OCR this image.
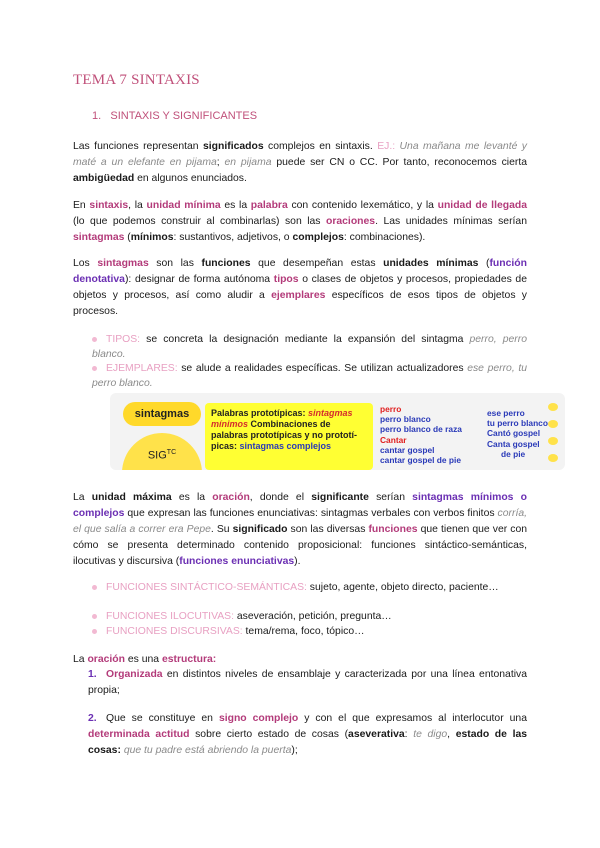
TEMA 7 SINTAXIS
1. SINTAXIS Y SIGNIFICANTES
Las funciones representan significados complejos en sintaxis. EJ.: Una mañana me levanté y maté a un elefante en pijama; en pijama puede ser CN o CC. Por tanto, reconocemos cierta ambigüedad en algunos enunciados.
En sintaxis, la unidad mínima es la palabra con contenido lexemático, y la unidad de llegada (lo que podemos construir al combinarlas) son las oraciones. Las unidades mínimas serían sintagmas (mínimos: sustantivos, adjetivos, o complejos: combinaciones).
Los sintagmas son las funciones que desempeñan estas unidades mínimas (función denotativa): designar de forma autónoma tipos o clases de objetos y procesos, propiedades de objetos y procesos, así como aludir a ejemplares específicos de esos tipos de objetos y procesos.
TIPOS: se concreta la designación mediante la expansión del sintagma perro, perro blanco.
EJEMPLARES: se alude a realidades específicas. Se utilizan actualizadores ese perro, tu perro blanco.
sintagmas
$SIG^{TC}$
Palabras prototípicas: sintagmas mínimos Combinaciones de palabras prototípicas y no prototí-picas: sintagmas complejos
perro
perro blanco
perro blanco de raza
Cantar
cantar gospel
cantar gospel de pie
ese perro
tu perro blanco
Cantó gospel
Canta gospel
de pie
La unidad máxima es la oración, donde el significante serían sintagmas mínimos o complejos que expresan las funciones enunciativas: sintagmas verbales con verbos finitos corría, el que salía a correr era Pepe. Su significado son las diversas funciones que tienen que ver con cómo se presenta determinado contenido proposicional: funciones sintáctico-semánticas, ilocutivas y discursiva (funciones enunciativas).
FUNCIONES SINTÁCTICO-SEMÁNTICAS: sujeto, agente, objeto directo, paciente…
FUNCIONES ILOCUTIVAS: aseveración, petición, pregunta…
FUNCIONES DISCURSIVAS: tema/rema, foco, tópico…
La oración es una estructura:
1. Organizada en distintos niveles de ensamblaje y caracterizada por una línea entonativa propia;
2. Que se constituye en signo complejo y con el que expresamos al interlocutor una determinada actitud sobre cierto estado de cosas (aseverativa: te digo, estado de las cosas: que tu padre está abriendo la puerta);
